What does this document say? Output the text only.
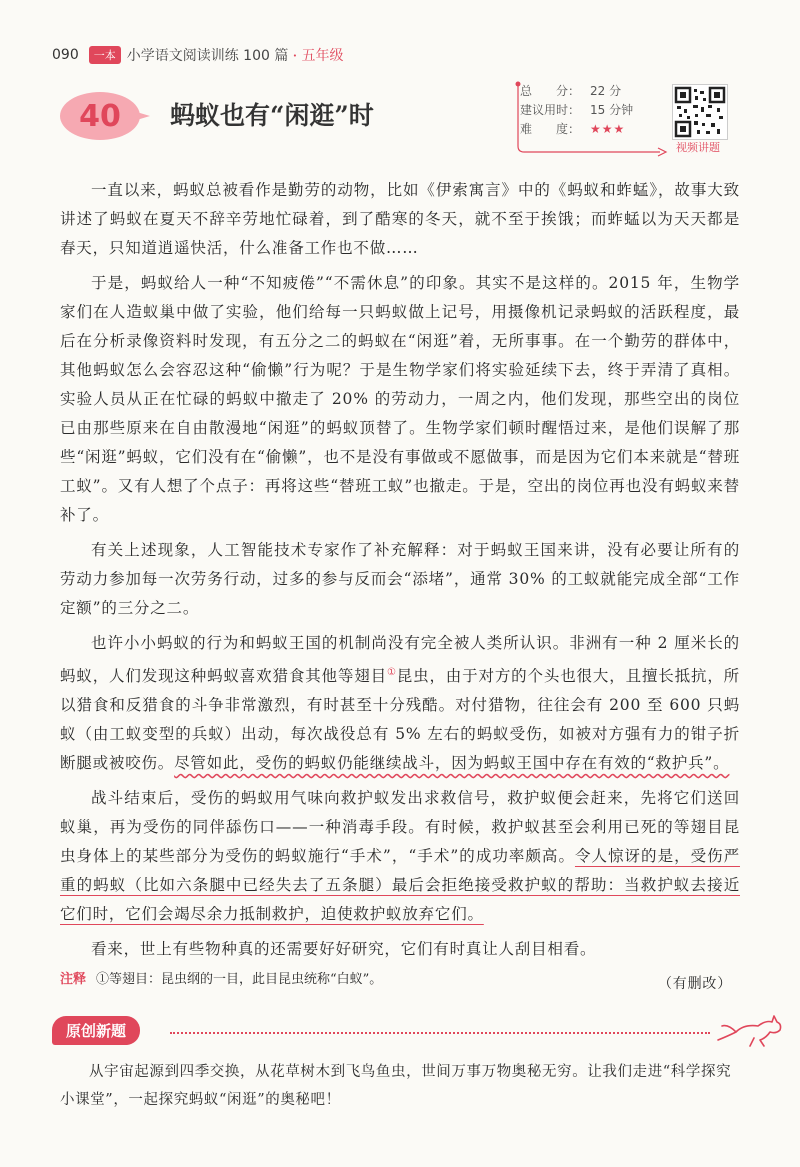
090	一本 小学语文阅读训练 100 篇 · 五年级
40 蚂蚁也有“闲逛”时
总　　分： 22 分
建议用时： 15 分钟
难　　度： ★★★
视频讲题

一直以来，蚂蚁总被看作是勤劳的动物，比如《伊索寓言》中的《蚂蚁和蚱蜢》，故事大致讲述了蚂蚁在夏天不辞辛劳地忙碌着，到了酷寒的冬天，就不至于挨饿；而蚱蜢以为天天都是春天，只知道逍遥快活，什么准备工作也不做……

于是，蚂蚁给人一种“不知疲倦”“不需休息”的印象。其实不是这样的。2015 年，生物学家们在人造蚁巢中做了实验，他们给每一只蚂蚁做上记号，用摄像机记录蚂蚁的活跃程度，最后在分析录像资料时发现，有五分之二的蚂蚁在“闲逛”着，无所事事。在一个勤劳的群体中，其他蚂蚁怎么会容忍这种“偷懒”行为呢？于是生物学家们将实验延续下去，终于弄清了真相。实验人员从正在忙碌的蚂蚁中撤走了 20% 的劳动力，一周之内，他们发现，那些空出的岗位已由那些原来在自由散漫地“闲逛”的蚂蚁顶替了。生物学家们顿时醒悟过来，是他们误解了那些“闲逛”蚂蚁，它们没有在“偷懒”，也不是没有事做或不愿做事，而是因为它们本来就是“替班工蚁”。又有人想了个点子：再将这些“替班工蚁”也撤走。于是，空出的岗位再也没有蚂蚁来替补了。

有关上述现象，人工智能技术专家作了补充解释：对于蚂蚁王国来讲，没有必要让所有的劳动力参加每一次劳务行动，过多的参与反而会“添堵”，通常 30% 的工蚁就能完成全部“工作定额”的三分之二。

也许小小蚂蚁的行为和蚂蚁王国的机制尚没有完全被人类所认识。非洲有一种 2 厘米长的蚂蚁，人们发现这种蚂蚁喜欢猎食其他等翅目①昆虫，由于对方的个头也很大，且擅长抵抗，所以猎食和反猎食的斗争非常激烈，有时甚至十分残酷。对付猎物，往往会有 200 至 600 只蚂蚁（由工蚁变型的兵蚁）出动，每次战役总有 5% 左右的蚂蚁受伤，如被对方强有力的钳子折断腿或被咬伤。尽管如此，受伤的蚂蚁仍能继续战斗，因为蚂蚁王国中存在有效的“救护兵”。

战斗结束后，受伤的蚂蚁用气味向救护蚁发出求救信号，救护蚁便会赶来，先将它们送回蚁巢，再为受伤的同伴舔伤口——一种消毒手段。有时候，救护蚁甚至会利用已死的等翅目昆虫身体上的某些部分为受伤的蚂蚁施行“手术”，“手术”的成功率颇高。令人惊讶的是，受伤严重的蚂蚁（比如六条腿中已经失去了五条腿）最后会拒绝接受救护蚁的帮助：当救护蚁去接近它们时，它们会竭尽余力抵制救护，迫使救护蚁放弃它们。

看来，世上有些物种真的还需要好好研究，它们有时真让人刮目相看。

（有删改）
注释 ①等翅目：昆虫纲的一目，此目昆虫统称“白蚁”。
原创新题
从宇宙起源到四季交换，从花草树木到飞鸟鱼虫，世间万事万物奥秘无穷。让我们走进“科学探究小课堂”，一起探究蚂蚁“闲逛”的奥秘吧！
